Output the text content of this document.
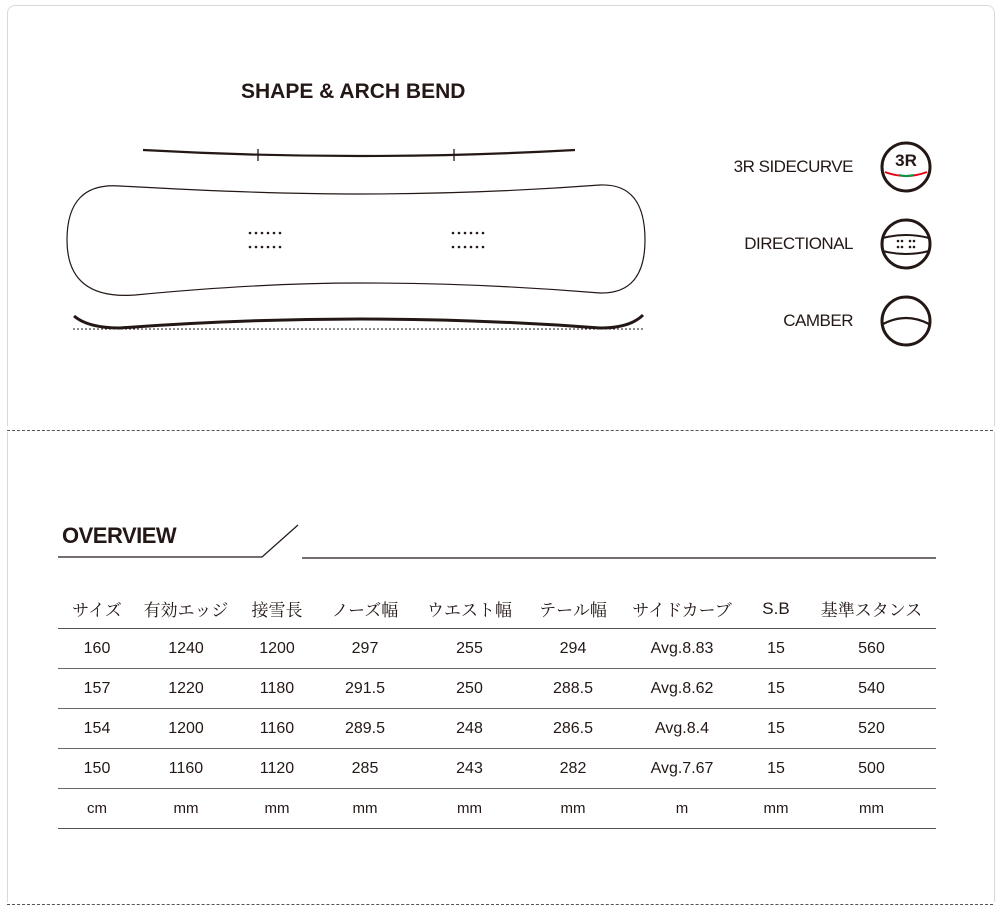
SHAPE & ARCH BEND
3R SIDECURVE 3R
DIRECTIONAL
CAMBER
OVERVIEW
サイズ	有効エッジ	接雪長	ノーズ幅	ウエスト幅	テール幅	サイドカーブ	S.B	基準スタンス
160	1240	1200	297	255	294	Avg.8.83	15	560
157	1220	1180	291.5	250	288.5	Avg.8.62	15	540
154	1200	1160	289.5	248	286.5	Avg.8.4	15	520
150	1160	1120	285	243	282	Avg.7.67	15	500
cm	mm	mm	mm	mm	mm	m	mm	mm
